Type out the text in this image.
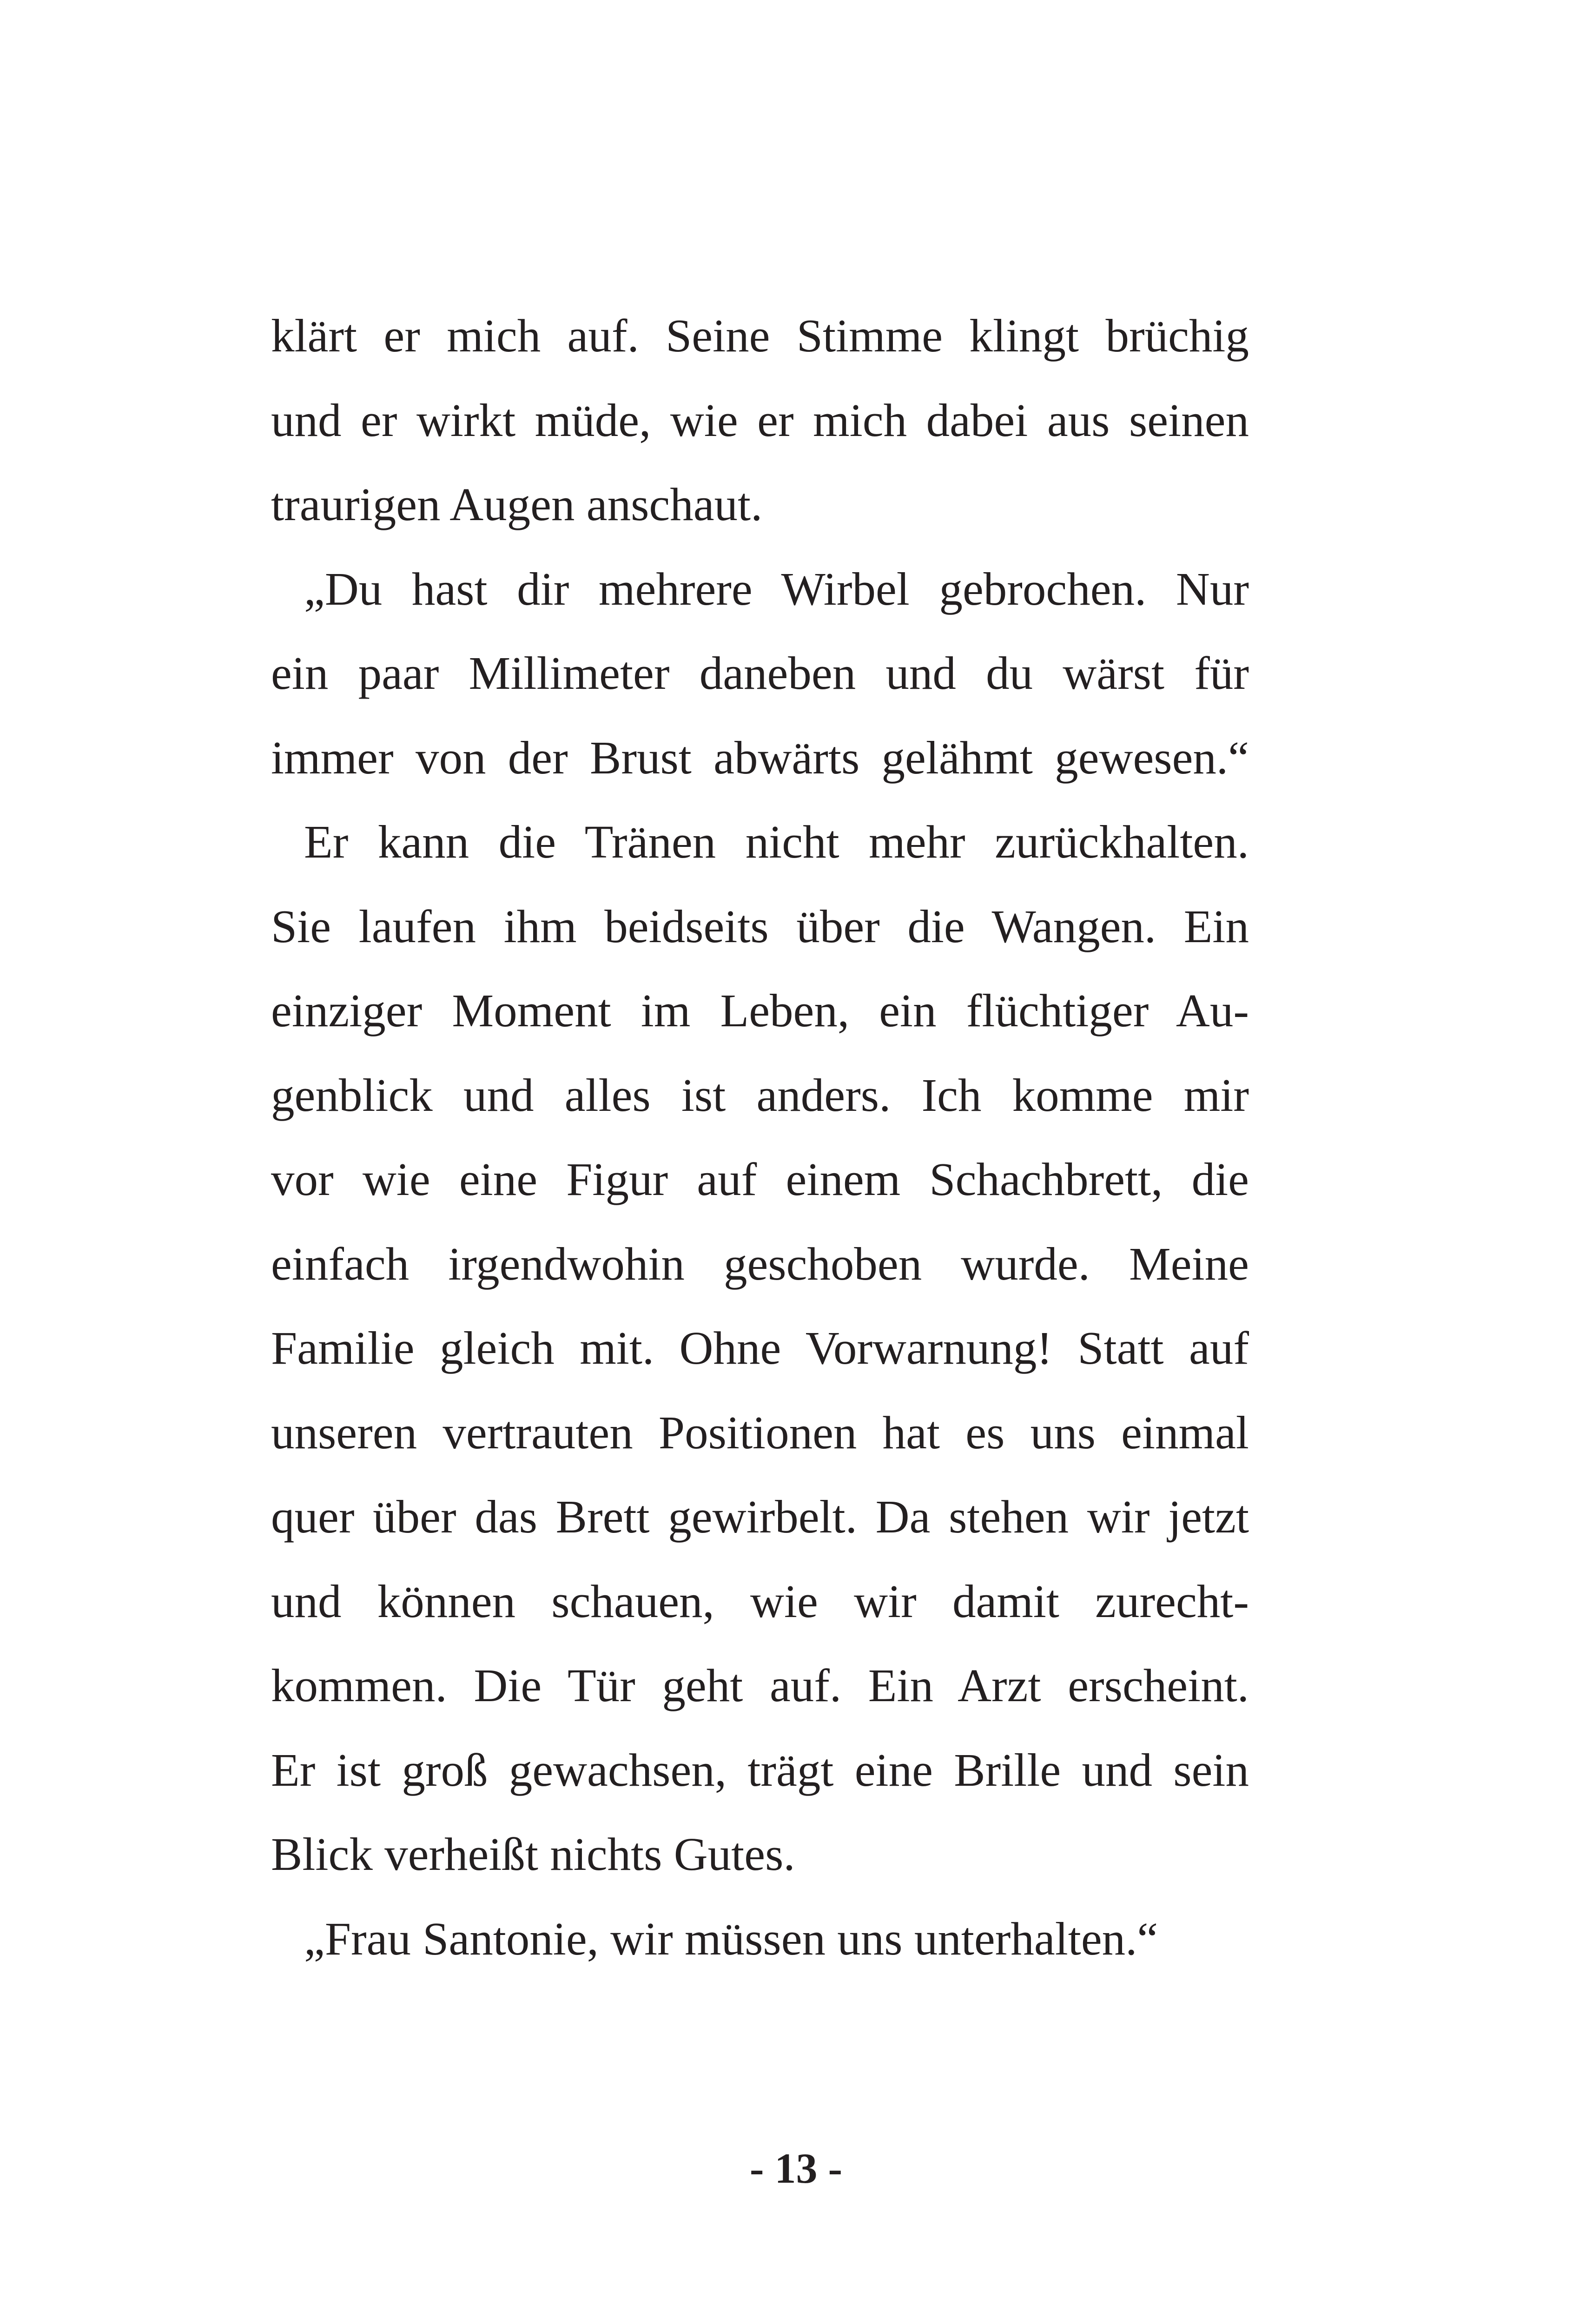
klärt er mich auf. Seine Stimme klingt brüchig
und er wirkt müde, wie er mich dabei aus seinen
traurigen Augen anschaut.
„Du hast dir mehrere Wirbel gebrochen. Nur
ein paar Millimeter daneben und du wärst für
immer von der Brust abwärts gelähmt gewesen.“
Er kann die Tränen nicht mehr zurückhalten.
Sie laufen ihm beidseits über die Wangen. Ein
einziger Moment im Leben, ein flüchtiger Au-
genblick und alles ist anders. Ich komme mir
vor wie eine Figur auf einem Schachbrett, die
einfach irgendwohin geschoben wurde. Meine
Familie gleich mit. Ohne Vorwarnung! Statt auf
unseren vertrauten Positionen hat es uns einmal
quer über das Brett gewirbelt. Da stehen wir jetzt
und können schauen, wie wir damit zurecht-
kommen. Die Tür geht auf. Ein Arzt erscheint.
Er ist groß gewachsen, trägt eine Brille und sein
Blick verheißt nichts Gutes.
„Frau Santonie, wir müssen uns unterhalten.“
- 13 -
